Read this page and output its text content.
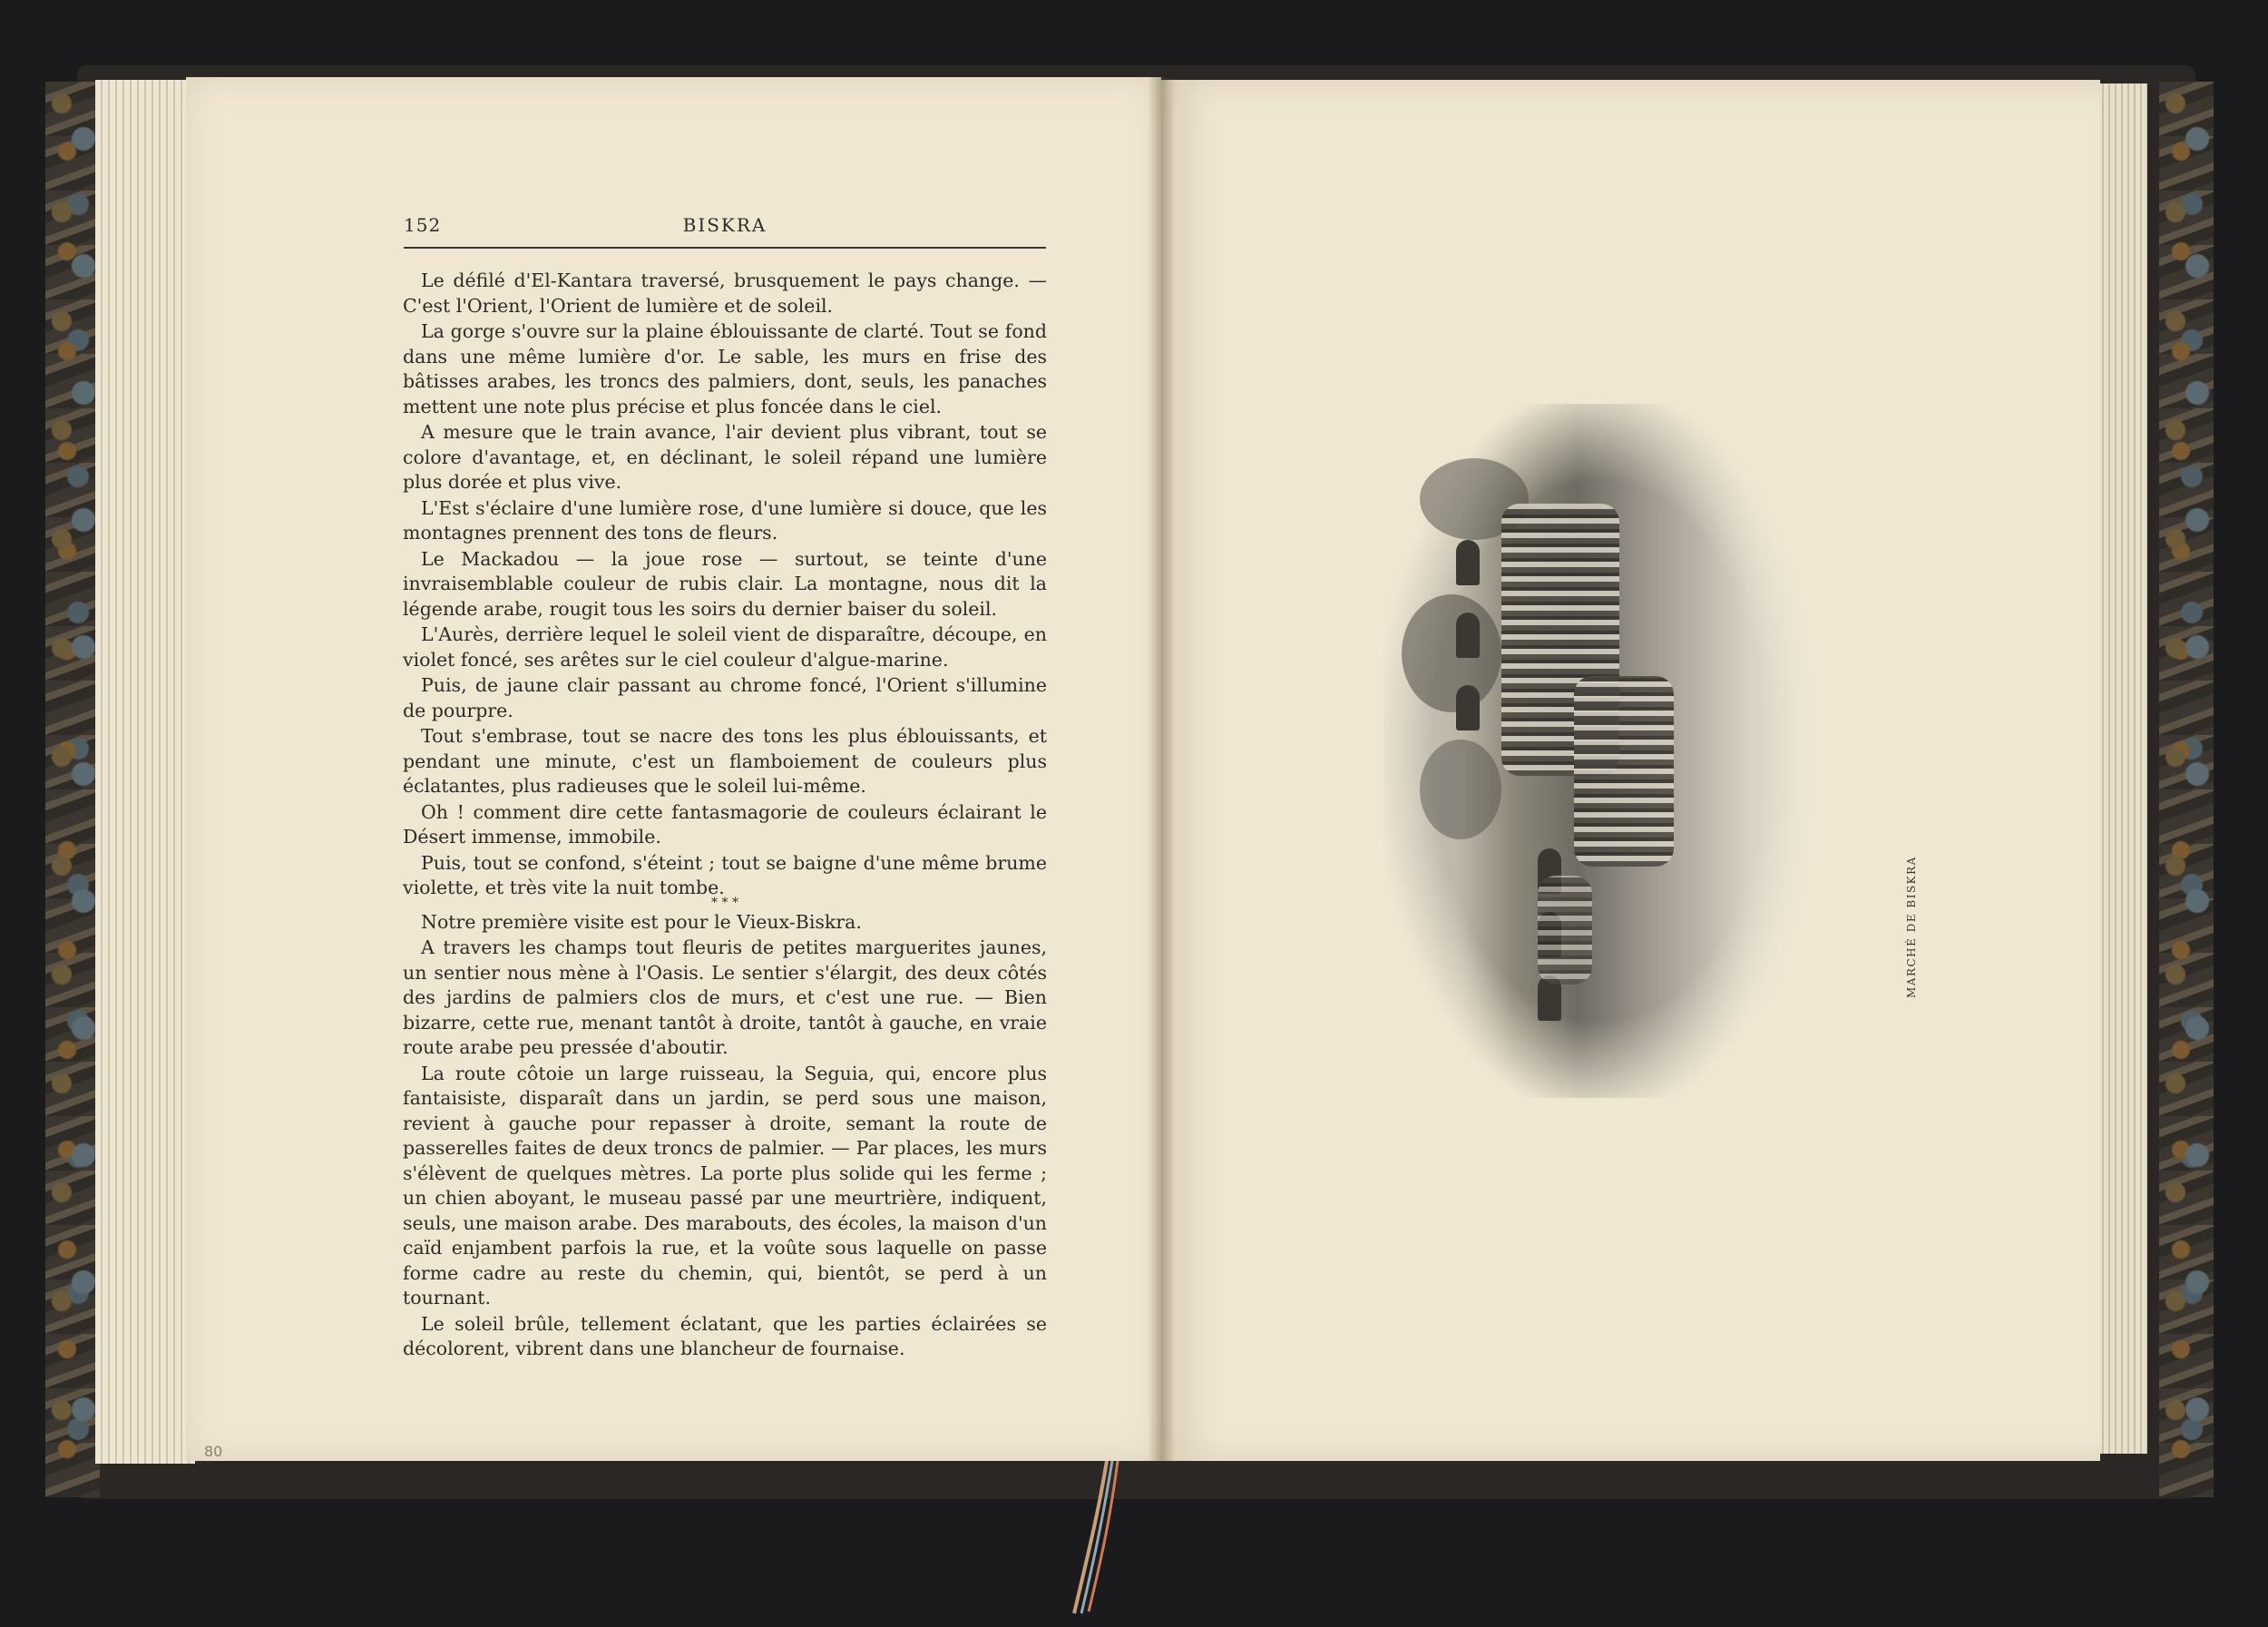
152	BISKRA

Le défilé d'El-Kantara traversé, brusquement le pays change. — C'est l'Orient, l'Orient de lumière et de soleil.

La gorge s'ouvre sur la plaine éblouissante de clarté. Tout se fond dans une même lumière d'or. Le sable, les murs en frise des bâtisses arabes, les troncs des palmiers, dont, seuls, les panaches mettent une note plus précise et plus foncée dans le ciel.

A mesure que le train avance, l'air devient plus vibrant, tout se colore d'avantage, et, en déclinant, le soleil répand une lumière plus dorée et plus vive.

L'Est s'éclaire d'une lumière rose, d'une lumière si douce, que les montagnes prennent des tons de fleurs.

Le Mackadou — la joue rose — surtout, se teinte d'une invraisemblable couleur de rubis clair. La montagne, nous dit la légende arabe, rougit tous les soirs du dernier baiser du soleil.

L'Aurès, derrière lequel le soleil vient de disparaître, découpe, en violet foncé, ses arêtes sur le ciel couleur d'algue-marine.

Puis, de jaune clair passant au chrome foncé, l'Orient s'illumine de pourpre.

Tout s'embrase, tout se nacre des tons les plus éblouissants, et pendant une minute, c'est un flamboiement de couleurs plus éclatantes, plus radieuses que le soleil lui-même.

Oh ! comment dire cette fantasmagorie de couleurs éclairant le Désert immense, immobile.

Puis, tout se confond, s'éteint ; tout se baigne d'une même brume violette, et très vite la nuit tombe.

* * *

Notre première visite est pour le Vieux-Biskra.

A travers les champs tout fleuris de petites marguerites jaunes, un sentier nous mène à l'Oasis. Le sentier s'élargit, des deux côtés des jardins de palmiers clos de murs, et c'est une rue. — Bien bizarre, cette rue, menant tantôt à droite, tantôt à gauche, en vraie route arabe peu pressée d'aboutir.

La route côtoie un large ruisseau, la Seguia, qui, encore plus fantaisiste, disparaît dans un jardin, se perd sous une maison, revient à gauche pour repasser à droite, semant la route de passerelles faites de deux troncs de palmier. — Par places, les murs s'élèvent de quelques mètres. La porte plus solide qui les ferme ; un chien aboyant, le museau passé par une meurtrière, indiquent, seuls, une maison arabe. Des marabouts, des écoles, la maison d'un caïd enjambent parfois la rue, et la voûte sous laquelle on passe forme cadre au reste du chemin, qui, bientôt, se perd à un tournant.

Le soleil brûle, tellement éclatant, que les parties éclairées se décolorent, vibrent dans une blancheur de fournaise.

MARCHÉ DE BISKRA
80
